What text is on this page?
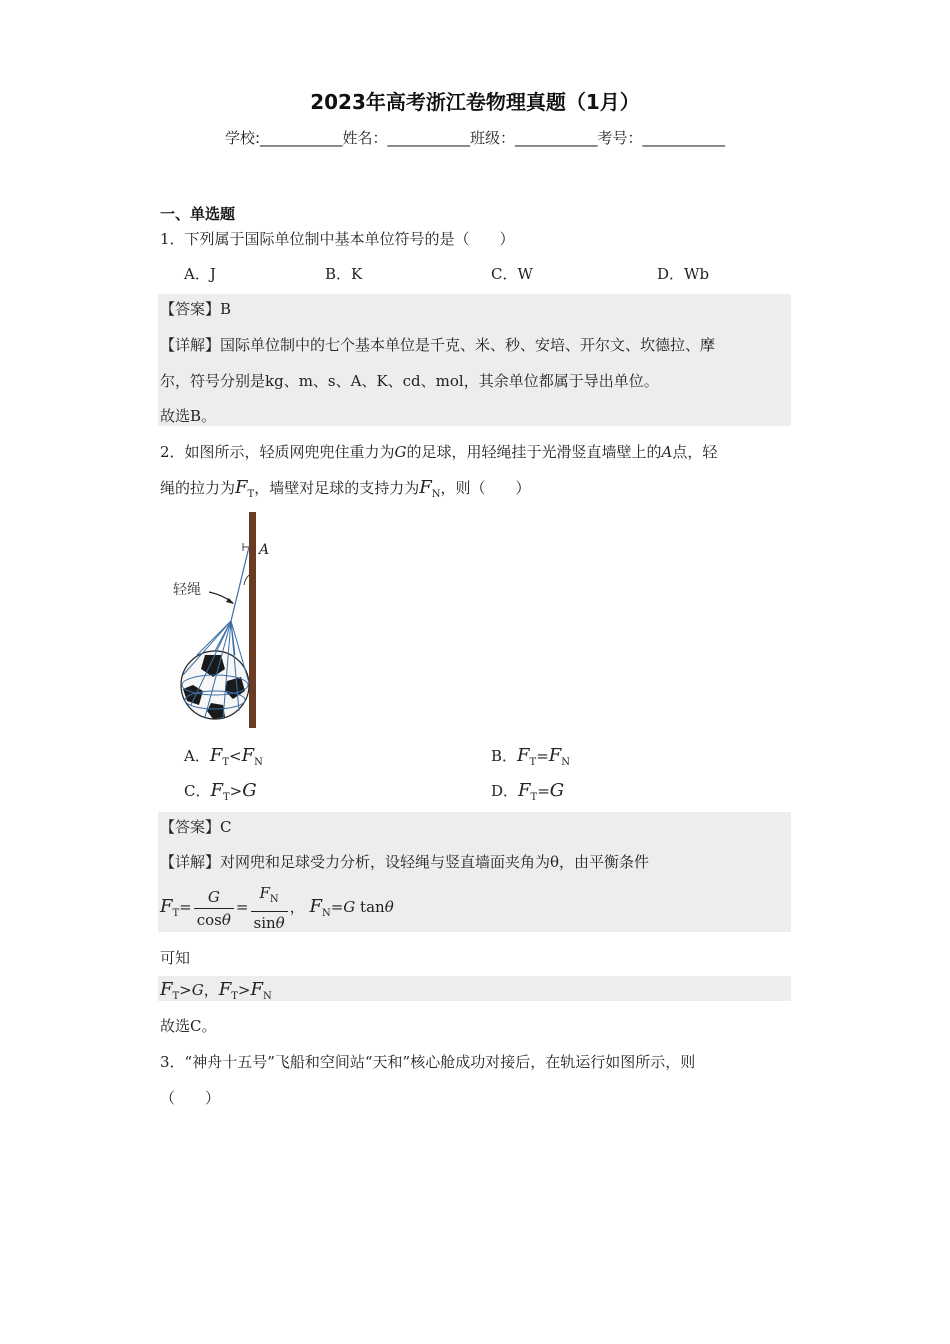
2023年高考浙江卷物理真题（1月）
学校:___________姓名：___________班级：___________考号：___________
一、单选题
1．下列属于国际单位制中基本单位符号的是（　　）
A．J	B．K	C．W	D．Wb
【答案】B
【详解】国际单位制中的七个基本单位是千克、米、秒、安培、开尔文、坎德拉、摩
尔，符号分别是kg、m、s、A、K、cd、mol，其余单位都属于导出单位。
故选B。
2．如图所示，轻质网兜兜住重力为G的足球，用轻绳挂于光滑竖直墙壁上的A点，轻
绳的拉力为$F_T$，墙壁对足球的支持力为$F_N$，则（　　）
A
轻绳
A．$F_T<F_N$	B．$F_T=F_N$
C．$F_T>G$	D．$F_T=G$
【答案】C
【详解】对网兜和足球受力分析，设轻绳与竖直墙面夹角为θ，由平衡条件
$F_T= \frac{G}{\cos\theta} = \frac{F_N}{\sin\theta}$ ， $F_N=G$ tanθ
可知
$F_T>G$，$F_T>F_N$
故选C。
3．“神舟十五号”飞船和空间站“天和”核心舱成功对接后，在轨运行如图所示，则
（　　）
